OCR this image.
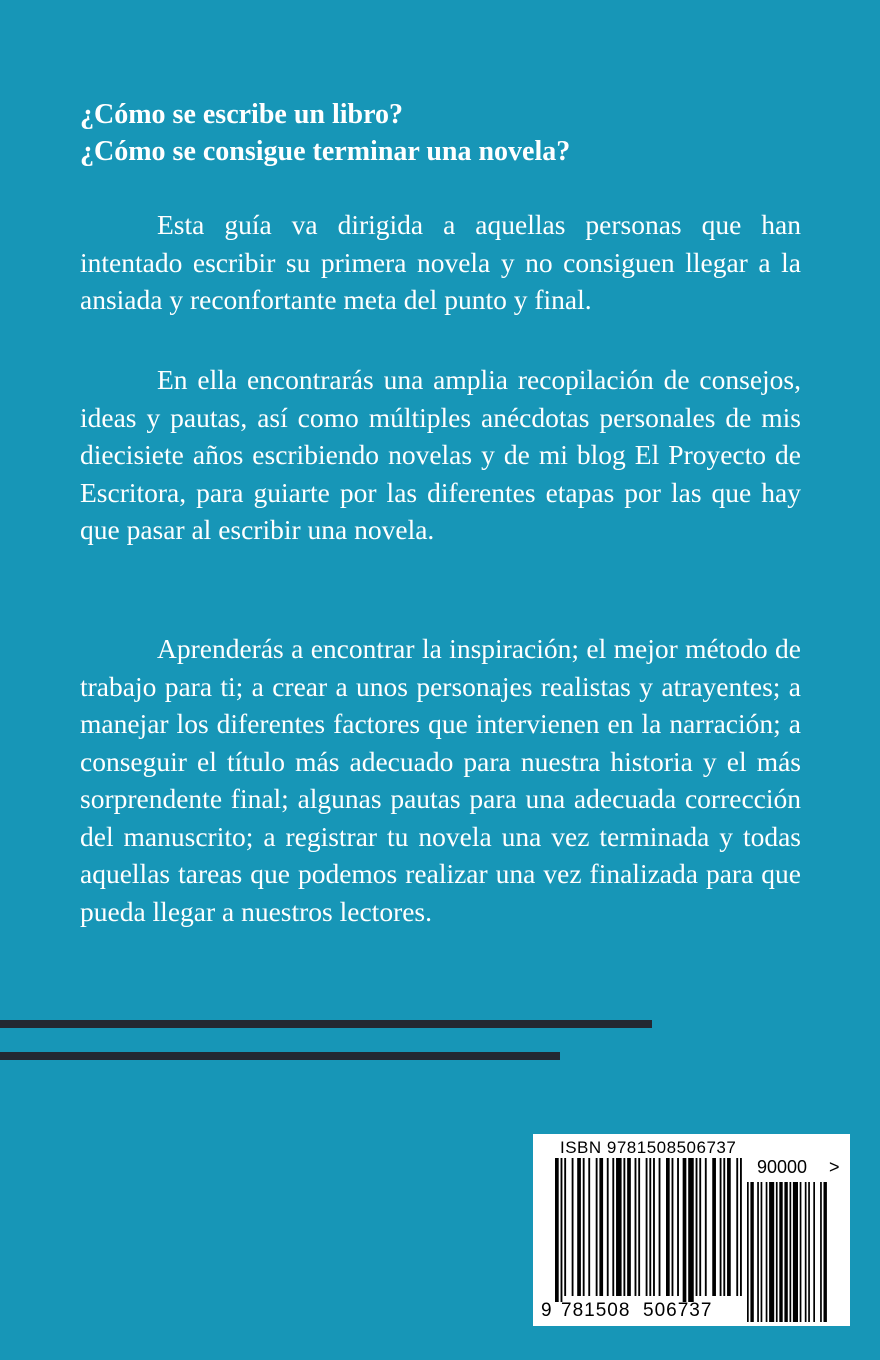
¿Cómo se escribe un libro?
¿Cómo se consigue terminar una novela?

Esta guía va dirigida a aquellas personas que han intentado escribir su primera novela y no consiguen llegar a la ansiada y reconfortante meta del punto y final.

En ella encontrarás una amplia recopilación de consejos, ideas y pautas, así como múltiples anécdotas personales de mis diecisiete años escribiendo novelas y de mi blog El Proyecto de Escritora, para guiarte por las diferentes etapas por las que hay que pasar al escribir una novela.

Aprenderás a encontrar la inspiración; el mejor método de trabajo para ti; a crear a unos personajes realistas y atrayentes; a manejar los diferentes factores que intervienen en la narración; a conseguir el título más adecuado para nuestra historia y el más sorprendente final; algunas pautas para una adecuada corrección del manuscrito; a registrar tu novela una vez terminada y todas aquellas tareas que podemos realizar una vez finalizada para que pueda llegar a nuestros lectores.

ISBN 9781508506737
90000 >
9 781508 506737
